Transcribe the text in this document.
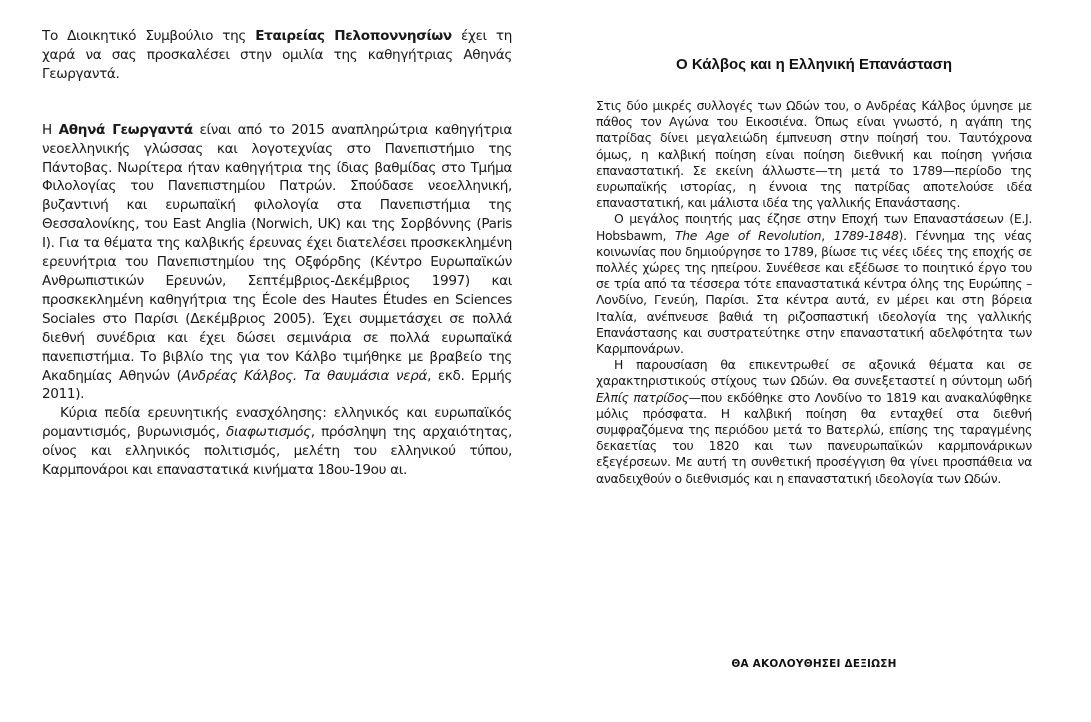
Το Διοικητικό Συμβούλιο της Εταιρείας Πελοποννησίων έχει τη χαρά να σας προσκαλέσει στην ομιλία της καθηγήτριας Αθηνάς Γεωργαντά.

Η Αθηνά Γεωργαντά είναι από το 2015 αναπληρώτρια καθηγήτρια νεοελληνικής γλώσσας και λογοτεχνίας στο Πανεπιστήμιο της Πάντοβας. Νωρίτερα ήταν καθηγήτρια της ίδιας βαθμίδας στο Τμήμα Φιλολογίας του Πανεπιστημίου Πατρών. Σπούδασε νεοελληνική, βυζαντινή και ευρωπαϊκή φιλολογία στα Πανεπιστήμια της Θεσσαλονίκης, του East Anglia (Norwich, UK) και της Σορβόννης (Paris I). Για τα θέματα της καλβικής έρευνας έχει διατελέσει προσκεκλημένη ερευνήτρια του Πανεπιστημίου της Οξφόρδης (Κέντρο Ευρωπαϊκών Ανθρωπιστικών Ερευνών, Σεπτέμβριος-Δεκέμβριος 1997) και προσκεκλημένη καθηγήτρια της École des Hautes Études en Sciences Sociales στο Παρίσι (Δεκέμβριος 2005). Έχει συμμετάσχει σε πολλά διεθνή συνέδρια και έχει δώσει σεμινάρια σε πολλά ευρωπαϊκά πανεπιστήμια. Το βιβλίο της για τον Κάλβο τιμήθηκε με βραβείο της Ακαδημίας Αθηνών (Ανδρέας Κάλβος. Τα θαυμάσια νερά, εκδ. Ερμής 2011).

Κύρια πεδία ερευνητικής ενασχόλησης: ελληνικός και ευρωπαϊκός ρομαντισμός, βυρωνισμός, διαφωτισμός, πρόσληψη της αρχαιότητας, οίνος και ελληνικός πολιτισμός, μελέτη του ελληνικού τύπου, Καρμπονάροι και επαναστατικά κινήματα 18ου-19ου αι.

Ο Κάλβος και η Ελληνική Επανάσταση

Στις δύο μικρές συλλογές των Ωδών του, ο Ανδρέας Κάλβος ύμνησε με πάθος τον Αγώνα του Εικοσιένα. Όπως είναι γνωστό, η αγάπη της πατρίδας δίνει μεγαλειώδη έμπνευση στην ποίησή του. Ταυτόχρονα όμως, η καλβική ποίηση είναι ποίηση διεθνική και ποίηση γνήσια επαναστατική. Σε εκείνη άλλωστε—τη μετά το 1789—περίοδο της ευρωπαϊκής ιστορίας, η έννοια της πατρίδας αποτελούσε ιδέα επαναστατική, και μάλιστα ιδέα της γαλλικής Επανάστασης.

Ο μεγάλος ποιητής μας έζησε στην Εποχή των Επαναστάσεων (E.J. Hobsbawm, The Age of Revolution, 1789-1848). Γέννημα της νέας κοινωνίας που δημιούργησε το 1789, βίωσε τις νέες ιδέες της εποχής σε πολλές χώρες της ηπείρου. Συνέθεσε και εξέδωσε το ποιητικό έργο του σε τρία από τα τέσσερα τότε επαναστατικά κέντρα όλης της Ευρώπης – Λονδίνο, Γενεύη, Παρίσι. Στα κέντρα αυτά, εν μέρει και στη βόρεια Ιταλία, ανέπνευσε βαθιά τη ριζοσπαστική ιδεολογία της γαλλικής Επανάστασης και συστρατεύτηκε στην επαναστατική αδελφότητα των Καρμπονάρων.

Η παρουσίαση θα επικεντρωθεί σε αξονικά θέματα και σε χαρακτηριστικούς στίχους των Ωδών. Θα συνεξεταστεί η σύντομη ωδή Ελπίς πατρίδος—που εκδόθηκε στο Λονδίνο το 1819 και ανακαλύφθηκε μόλις πρόσφατα. Η καλβική ποίηση θα ενταχθεί στα διεθνή συμφραζόμενα της περιόδου μετά το Βατερλώ, επίσης της ταραγμένης δεκαετίας του 1820 και των πανευρωπαϊκών καρμπονάρικων εξεγέρσεων. Με αυτή τη συνθετική προσέγγιση θα γίνει προσπάθεια να αναδειχθούν ο διεθνισμός και η επαναστατική ιδεολογία των Ωδών.

ΘΑ ΑΚΟΛΟΥΘΗΣΕΙ ΔΕΞΙΩΣΗ
